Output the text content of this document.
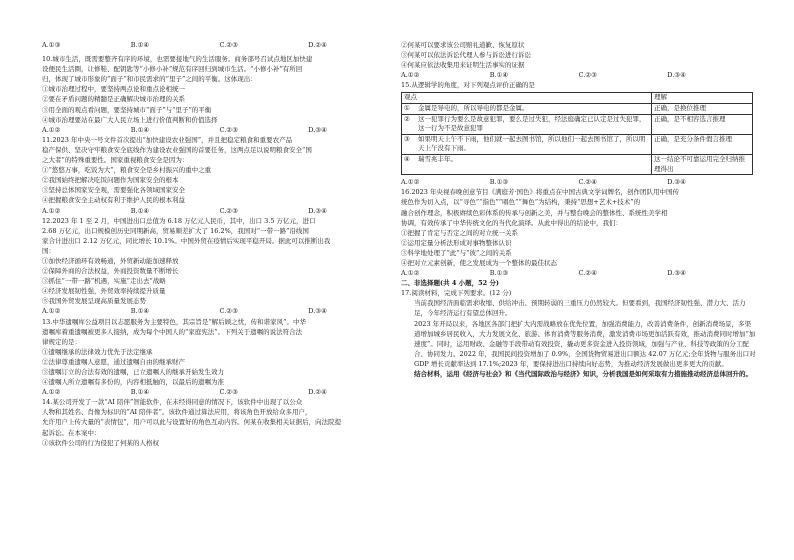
A.①③	B.①④	C.②③	D.②④
10.城市生活，既需要整齐有序的环境，也需要接地气的生活服务。商务部号召试点地区加快建
设便民生活圈，让修鞋、配钥匙等“小修小补”规范有序回归到城市生活。“小修小补”有所回
归，体现了城市形象的“面子”和市民需求的“里子”之间的平衡。这体现出：
①城市治理过程中，要坚持两点论和重点论相统一
②要在矛盾问题的精髓是正确解决城市治理的关系
③用全面的观点看问题，要坚持城市“面子”与“里子”的平衡
④城市治理要站在最广大人民立场上进行价值判断和价值选择
A.①②	B.①④	C.②③	D.③④
11.2023 年中央一号文件首次提出“加快建设农业强国”，并且把稳定粮食和重要农产品
稳产保供、坚决守牢粮食安全底线作为建设农业强国的首要任务，这两点足以说明粮食安全“国
之大者”的特殊重要性。国家重视粮食安全是因为：
①“悠悠万事，吃饭为大”，粮食安全是乡村振兴的重中之重
②我国始终把解决吃饭问题作为国家安全的根本
③坚持总体国家安全观，需要强化各领域国家安全
④把握粮食安全主动权有利于维护人民的根本利益
A.①②	B.①④	C.②③	D.③④
12.2023 年 1 至 2 月，中国进出口总值为 6.18 万亿元人民币，其中，出口 3.5 万亿元，进口
2.68 万亿元，出口规模创历史同期新高，贸易顺差扩大了 16.2%，我国对“一带一路”沿线国
家合计进出口 2.12 万亿元，同比增长 10.1%。中国外贸在疫情后实现平稳开局。据此可以推断出我
国：
①加快经济循环有效畅通，外贸新动能加速释放
②保障外商的合法权益，外商投资数量不断增长
③抓住“一带一路”机遇，实施“走出去”战略
④经济发展韧性强，外贸效率持续提升质量
⑤我国外贸发展呈现高质量发展态势
A.①②	B.①④	C.②③	D.③④
13.中华遗嘱库公益项目以志愿服务为主要特色，其宗旨是“解后顾之忧，传和谐家风”。中华
遗嘱库着重遗嘱被更多人接纳，成为每个中国人的“家庭宪法”。下列关于遗嘱的说法符合法
律规定的是：
①遗嘱继承的法律效力优先于法定继承
②法律尊重遗嘱人意愿，通过遗嘱自由的继承财产
③遗嘱订立的合法有效的遗嘱，已立遗嘱人的继承开始发生效力
④遗嘱人所立遗嘱有多份的，内容相抵触的，以最后的遗嘱为准
A.①②	B.①④	C.②③	D.②④
14.某公司开发了一款“AI 陪伴”智能软件，在未经得同意的情况下，该软件中出现了以公众
人物和其姓名、肖像为标识的“AI 陪伴者”。该软件通过算法应用，将该角色开放给众多用户，
允许用户上传大量的“表情包”，用户可以此与设置好的角色互动内容。何某在收集相关证据后，向法院提
起诉讼。在本案中：
①该软件公司的行为侵犯了何某的人格权
②何某可以要求该公司赔礼道歉、恢复原状
③何某可以依法诉讼代理人参与诉讼进行诉讼
④何某应依法收集用来证明生活事实的证据
A.①②	B.①④	C.②③	D.③④
15.从逻辑学的角度，对下列观点评价正确的是
观点		理解
①	金属是导电的，所以导电的都是金属。	正确，是换位推理
②	这一犯罪行为要么是故意犯罪，要么是过失犯，经法庭确定已认定是过失犯罪，这一行为不是故意犯罪	正确，是不相容选言推理
③	如果明天上午不下雨，他们就一起去图书馆，所以他们一起去图书馆了，所以明天上午没有下雨。	正确，是充分条件假言推理
④	瑞雪兆丰年。	这一结论不可靠运用完全归纳推理得出
A.①②	B.①③	C.②④	D.③④
16.2023 年央视春晚创意节目《满庭芳·国色》将重点在中国古典文学词牌名，创作团队用中国传
统色作为切入点，以“寻色”“指色”“唱色”“舞色”为结构，秉持“思想+艺术+技术”的
融合创作理念，积极赓续色彩体系的传承与创新之美，并与整台晚会的整体性、系统性美学相
协调，有效传承了中华传统文化的当代化演绎。从此中得出的结论中，我们：
①把握了肯定与否定之间的对立统一关系
②运用定量分析法形成对事物整体认识
③科学地处理了“此”与“彼”之间的关系
④把对立元素创新，使之发展成为一个整体的最佳状态
A.①②	B.①③	C.②④	D.③④
二、非选择题(共 4 小题，52 分)
17.阅读材料，完成下列要求。(12 分)
当前我国经济面临需求收缩、供给冲击、预期转弱的三重压力仍然较大。但要看到，我国经济韧性强、潜力大、活力足，今年经济运行有望总体回升。
2023 年开局以来，各地区各部门把扩大内需战略放在优先位置，加强消费能力，改善消费条件，创新消费场景，多渠道增加城乡居民收入，大力发展文化、旅游、体育消费等服务消费，激发消费市场更加活跃有效，推动消费同时增加“加速度”。同时，运用财政、金融等手段带动有效投资，撬动更多资金进入投资领域，加强与产业、科技等政策的分工配合、协同发力。2022 年，我国民间投资增加了 0.9%，全国货物贸易进出口额达 42.07 万亿元;全年货物与服务出口对 GDP 增长贡献率达到 17.1%;2023 年，要保持进出口持续向好态势，为推动经济发展做出更多更大的贡献。
结合材料，运用《经济与社会》和《当代国际政治与经济》知识，分析我国是如何采取有力措施推动经济总体回升的。
